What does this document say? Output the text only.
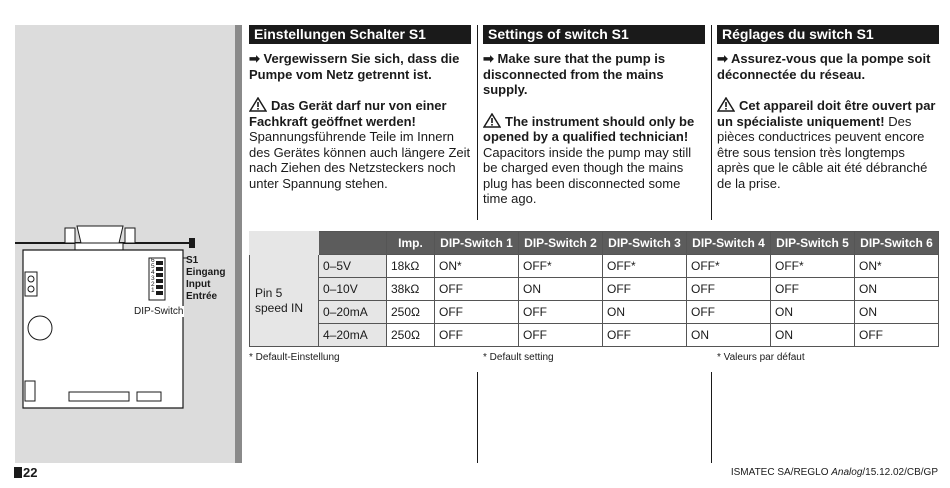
6
5
4
3
2
1
S1
Eingang
Input
Entrée
DIP-Switch
Einstellungen Schalter S1
➡ Vergewissern Sie sich, dass die Pumpe vom Netz getrennt ist.
Das Gerät darf nur von einer Fachkraft geöffnet werden! Spannungsführende Teile im Innern des Gerätes können auch längere Zeit nach Ziehen des Netzsteckers noch unter Spannung stehen.
Settings of switch S1
➡ Make sure that the pump is disconnected from the mains supply.
The instrument should only be opened by a qualified technician! Capacitors inside the pump may still be charged even though the mains plug has been disconnected some time ago.
Réglages du switch S1
➡ Assurez-vous que la pompe soit déconnectée du réseau.
Cet appareil doit être ouvert par un spécialiste uniquement! Des pièces conductrices peuvent encore être sous tension très longtemps après que le câble ait été débranché de la prise.
		Imp.	DIP-Switch 1	DIP-Switch 2	DIP-Switch 3	DIP-Switch 4	DIP-Switch 5	DIP-Switch 6

Pin 5
speed IN	0–5V	18kΩ	ON*	OFF*	OFF*	OFF*	OFF*	ON*
	0–10V	38kΩ	OFF	ON	OFF	OFF	OFF	ON
	0–20mA	250Ω	OFF	OFF	ON	OFF	ON	ON
	4–20mA	250Ω	OFF	OFF	OFF	ON	ON	OFF
* Default-Einstellung	* Default setting	* Valeurs par défaut
22	ISMATEC SA/REGLO Analog/15.12.02/CB/GP
